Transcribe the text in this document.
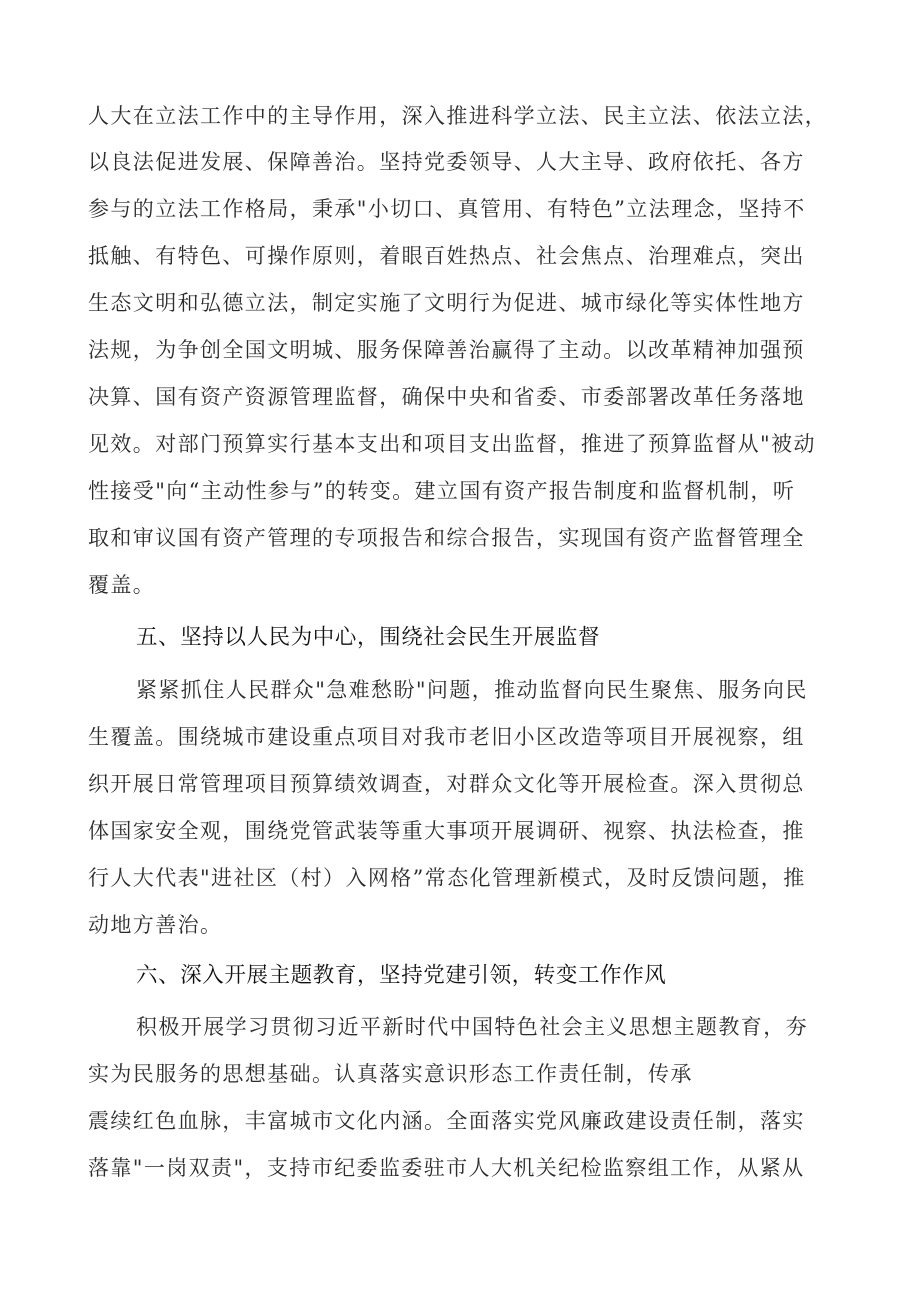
人大在立法工作中的主导作用，深入推进科学立法、民主立法、依法立法，
以良法促进发展、保障善治。坚持党委领导、人大主导、政府依托、各方
参与的立法工作格局，秉承"小切口、真管用、有特色”立法理念，坚持不
抵触、有特色、可操作原则，着眼百姓热点、社会焦点、治理难点，突出
生态文明和弘德立法，制定实施了文明行为促进、城市绿化等实体性地方
法规，为争创全国文明城、服务保障善治赢得了主动。以改革精神加强预
决算、国有资产资源管理监督，确保中央和省委、市委部署改革任务落地
见效。对部门预算实行基本支出和项目支出监督，推进了预算监督从"被动
性接受"向“主动性参与”的转变。建立国有资产报告制度和监督机制，听
取和审议国有资产管理的专项报告和综合报告，实现国有资产监督管理全
覆盖。
五、坚持以人民为中心，围绕社会民生开展监督
紧紧抓住人民群众"急难愁盼"问题，推动监督向民生聚焦、服务向民
生覆盖。围绕城市建设重点项目对我市老旧小区改造等项目开展视察，组
织开展日常管理项目预算绩效调查，对群众文化等开展检查。深入贯彻总
体国家安全观，围绕党管武装等重大事项开展调研、视察、执法检查，推
行人大代表"进社区（村）入网格”常态化管理新模式，及时反馈问题，推
动地方善治。
六、深入开展主题教育，坚持党建引领，转变工作作风
积极开展学习贯彻习近平新时代中国特色社会主义思想主题教育，夯
实为民服务的思想基础。认真落实意识形态工作责任制，传承
震续红色血脉，丰富城市文化内涵。全面落实党风廉政建设责任制，落实
落靠"一岗双责"，支持市纪委监委驻市人大机关纪检监察组工作，从紧从
